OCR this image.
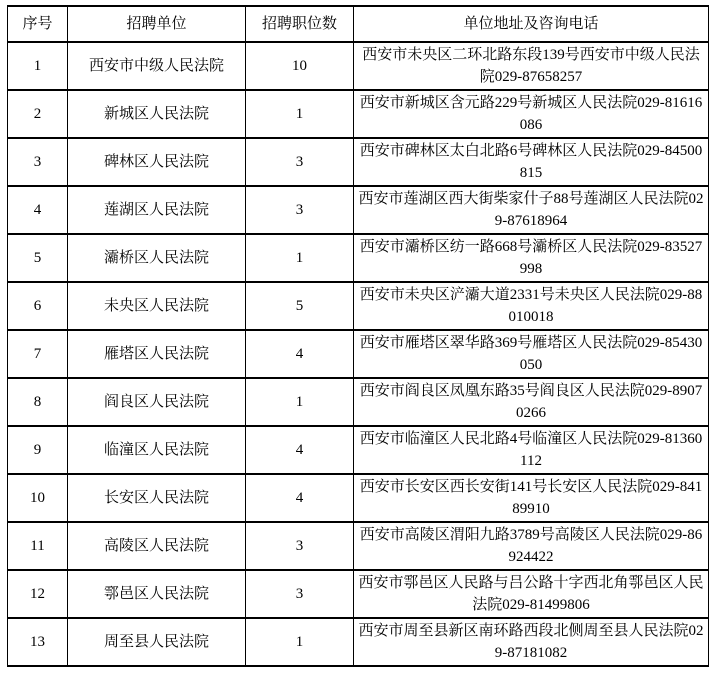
序号	招聘单位	招聘职位数	单位地址及咨询电话
1	西安市中级人民法院	10	西安市未央区二环北路东段139号西安市中级人民法院029-87658257
2	新城区人民法院	1	西安市新城区含元路229号新城区人民法院029-81616086
3	碑林区人民法院	3	西安市碑林区太白北路6号碑林区人民法院029-84500815
4	莲湖区人民法院	3	西安市莲湖区西大街柴家什子88号莲湖区人民法院029-87618964
5	灞桥区人民法院	1	西安市灞桥区纺一路668号灞桥区人民法院029-83527998
6	未央区人民法院	5	西安市未央区浐灞大道2331号未央区人民法院029-88010018
7	雁塔区人民法院	4	西安市雁塔区翠华路369号雁塔区人民法院029-85430050
8	阎良区人民法院	1	西安市阎良区凤凰东路35号阎良区人民法院029-89070266
9	临潼区人民法院	4	西安市临潼区人民北路4号临潼区人民法院029-81360112
10	长安区人民法院	4	西安市长安区西长安街141号长安区人民法院029-84189910
11	高陵区人民法院	3	西安市高陵区渭阳九路3789号高陵区人民法院029-86924422
12	鄠邑区人民法院	3	西安市鄠邑区人民路与吕公路十字西北角鄠邑区人民法院029-81499806
13	周至县人民法院	1	西安市周至县新区南环路西段北侧周至县人民法院029-87181082
